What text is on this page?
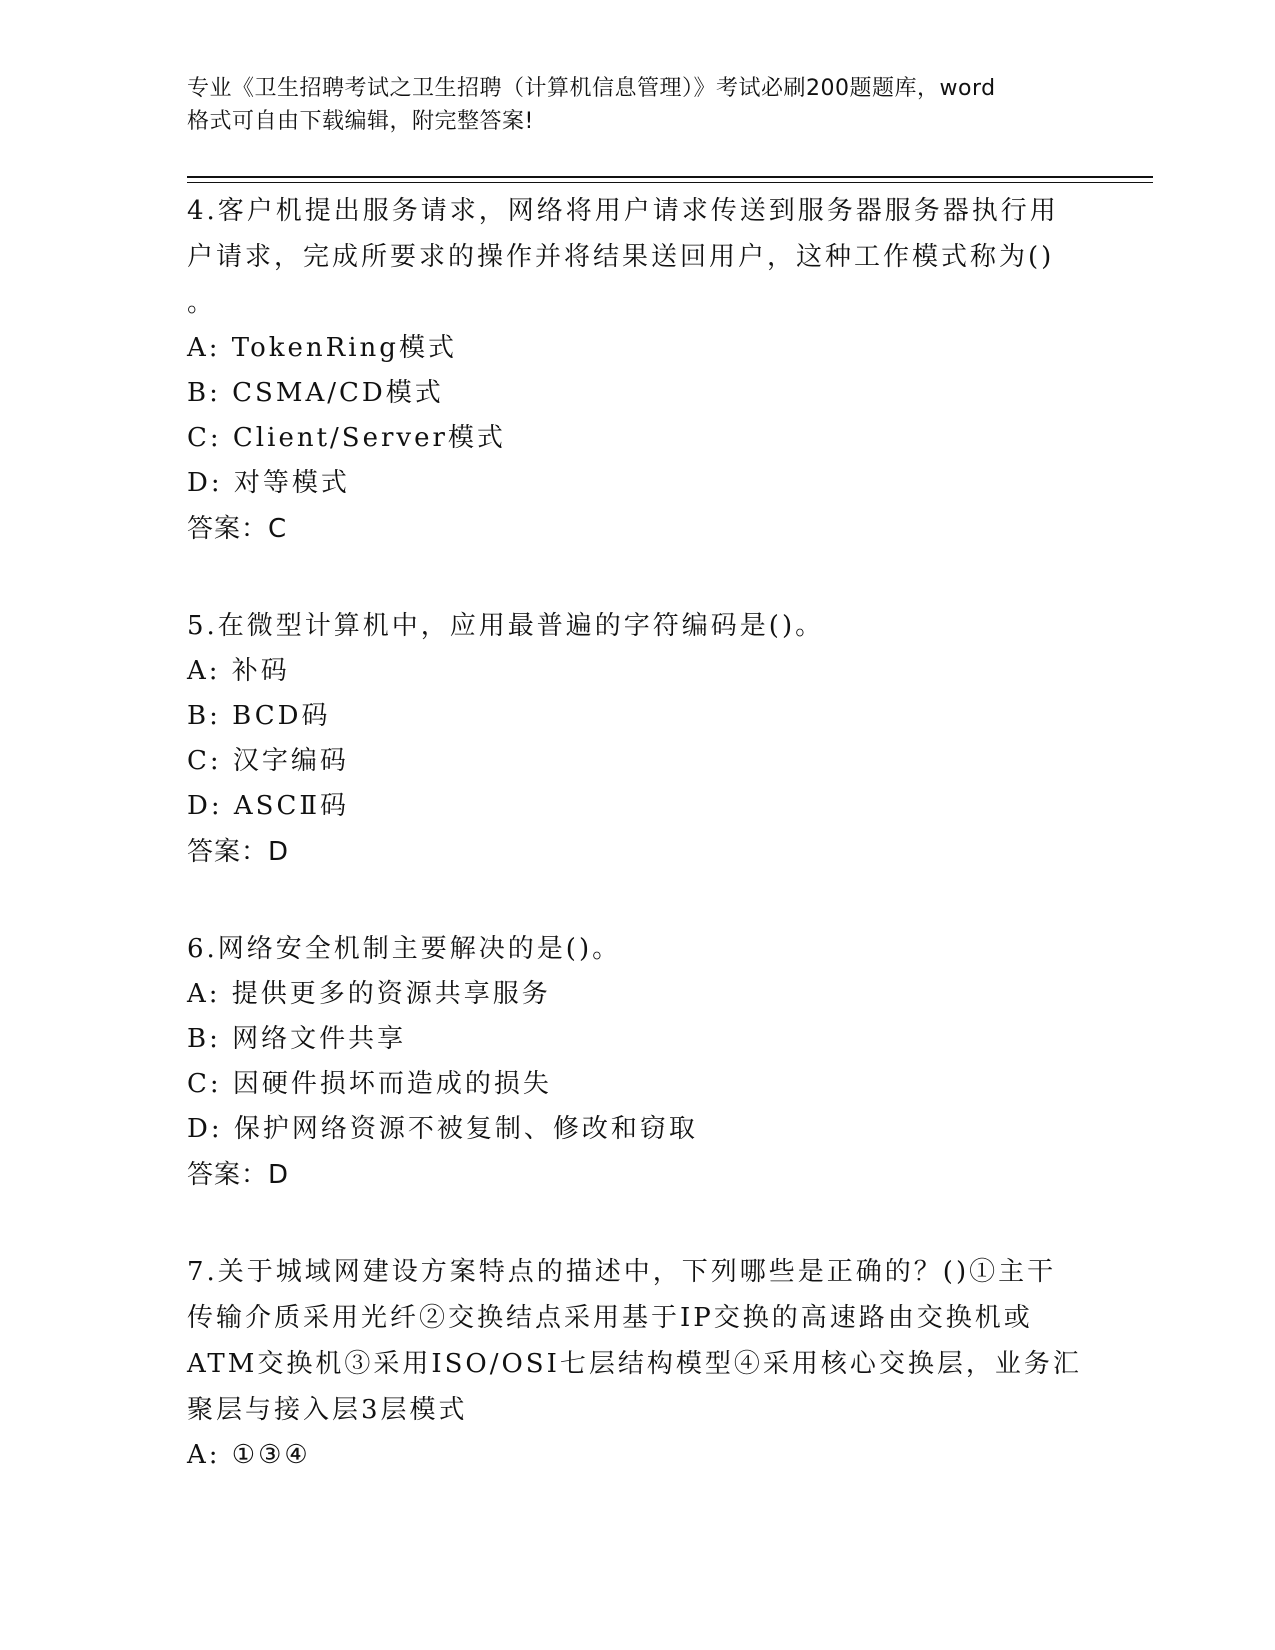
专业《卫生招聘考试之卫生招聘（计算机信息管理）》考试必刷200题题库，word
格式可自由下载编辑，附完整答案!
4.客户机提出服务请求，网络将用户请求传送到服务器服务器执行用
户请求，完成所要求的操作并将结果送回用户，这种工作模式称为()
。
A: TokenRing模式
B: CSMA/CD模式
C: Client/Server模式
D: 对等模式
答案：C
5.在微型计算机中，应用最普遍的字符编码是()。
A: 补码
B: BCD码
C: 汉字编码
D: ASCⅡ码
答案：D
6.网络安全机制主要解决的是()。
A: 提供更多的资源共享服务
B: 网络文件共享
C: 因硬件损坏而造成的损失
D: 保护网络资源不被复制、修改和窃取
答案：D
7.关于城域网建设方案特点的描述中，下列哪些是正确的？()①主干
传输介质采用光纤②交换结点采用基于IP交换的高速路由交换机或
ATM交换机③采用ISO/OSI七层结构模型④采用核心交换层，业务汇
聚层与接入层3层模式
A: ①③④
